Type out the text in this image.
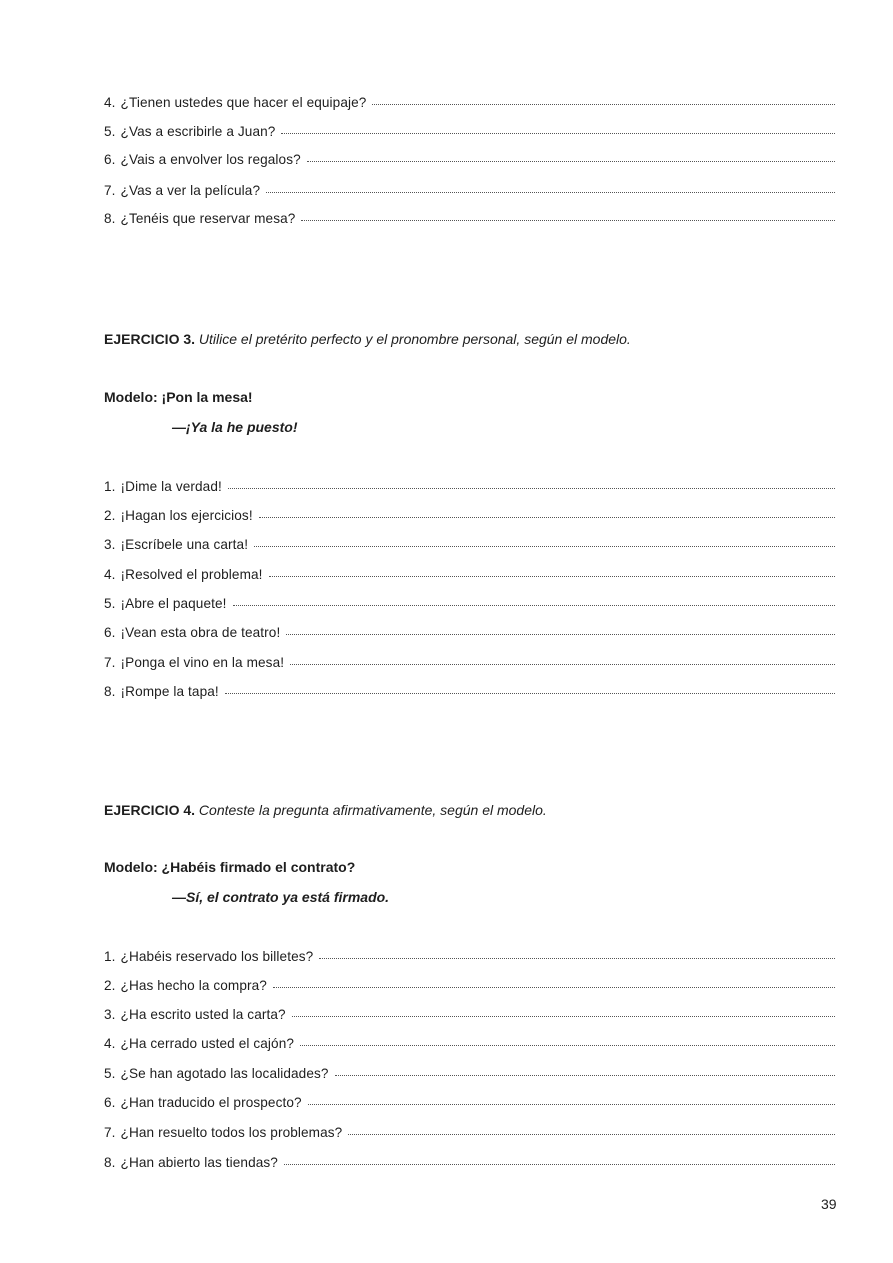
4. ¿Tienen ustedes que hacer el equipaje?
5. ¿Vas a escribirle a Juan?
6. ¿Vais a envolver los regalos?
7. ¿Vas a ver la película?
8. ¿Tenéis que reservar mesa?
EJERCICIO 3. Utilice el pretérito perfecto y el pronombre personal, según el modelo.
Modelo: ¡Pon la mesa!
—¡Ya la he puesto!
1. ¡Dime la verdad!
2. ¡Hagan los ejercicios!
3. ¡Escríbele una carta!
4. ¡Resolved el problema!
5. ¡Abre el paquete!
6. ¡Vean esta obra de teatro!
7. ¡Ponga el vino en la mesa!
8. ¡Rompe la tapa!
EJERCICIO 4. Conteste la pregunta afirmativamente, según el modelo.
Modelo: ¿Habéis firmado el contrato?
—Sí, el contrato ya está firmado.
1. ¿Habéis reservado los billetes?
2. ¿Has hecho la compra?
3. ¿Ha escrito usted la carta?
4. ¿Ha cerrado usted el cajón?
5. ¿Se han agotado las localidades?
6. ¿Han traducido el prospecto?
7. ¿Han resuelto todos los problemas?
8. ¿Han abierto las tiendas?
39
